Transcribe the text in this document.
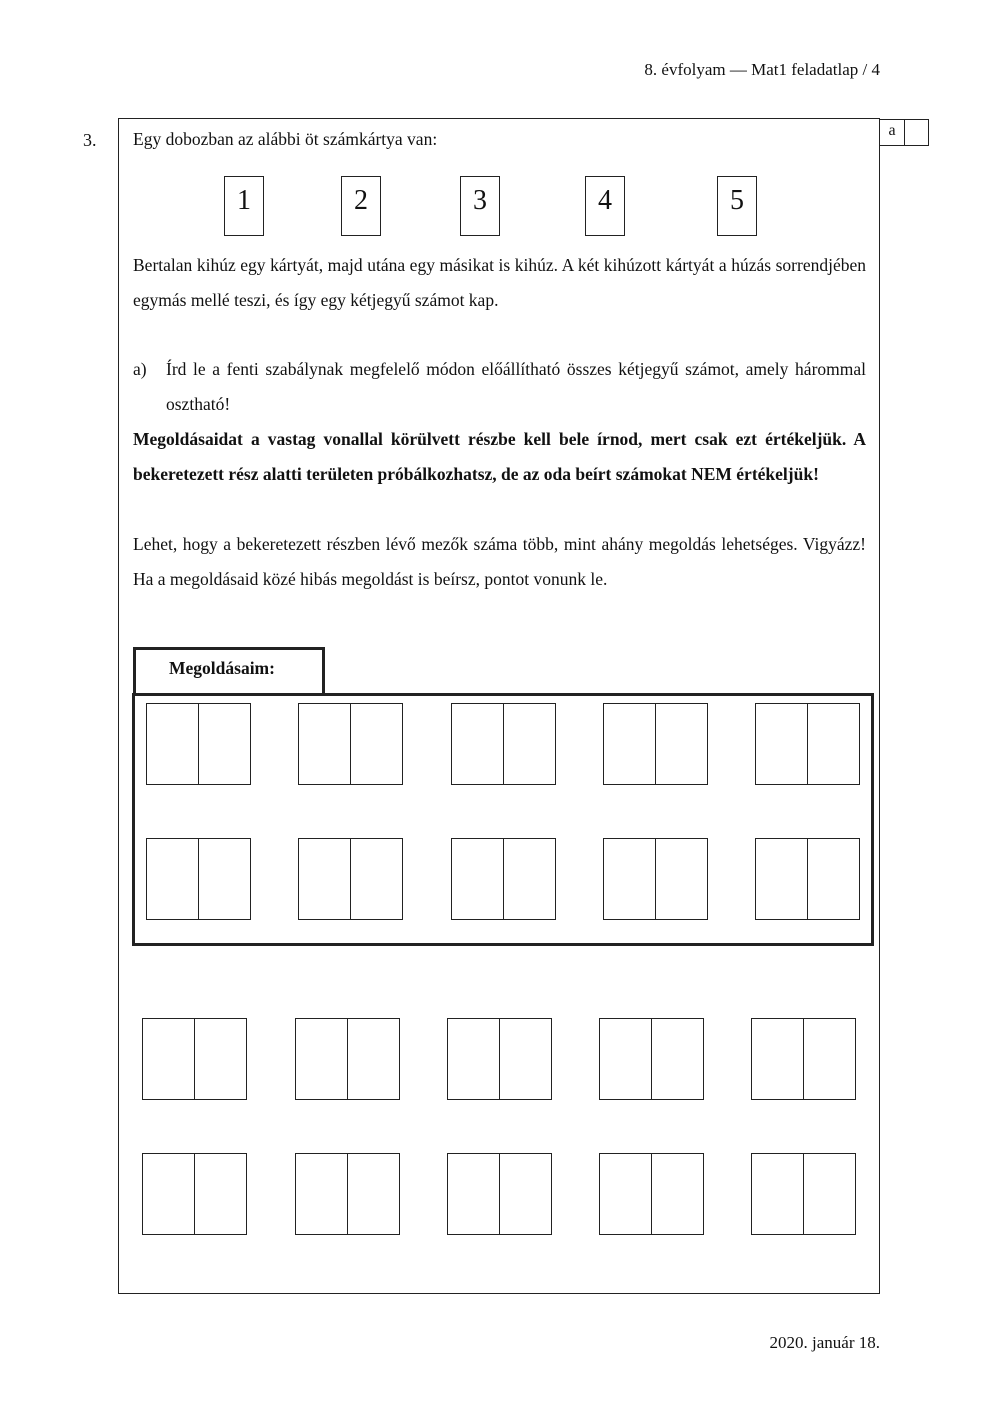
8. évfolyam — Mat1 feladatlap / 4
3.	a
Egy dobozban az alábbi öt számkártya van:
1	2	3	4	5
Bertalan kihúz egy kártyát, majd utána egy másikat is kihúz. A két kihúzott kártyát a húzás sorrendjében egymás mellé teszi, és így egy kétjegyű számot kap.
a) Írd le a fenti szabálynak megfelelő módon előállítható összes kétjegyű számot, amely hárommal osztható!
Megoldásaidat a vastag vonallal körülvett részbe kell bele írnod, mert csak ezt értékeljük. A bekeretezett rész alatti területen próbálkozhatsz, de az oda beírt számokat NEM értékeljük!
Lehet, hogy a bekeretezett részben lévő mezők száma több, mint ahány megoldás lehetséges. Vigyázz! Ha a megoldásaid közé hibás megoldást is beírsz, pontot vonunk le.
Megoldásaim:
2020. január 18.
